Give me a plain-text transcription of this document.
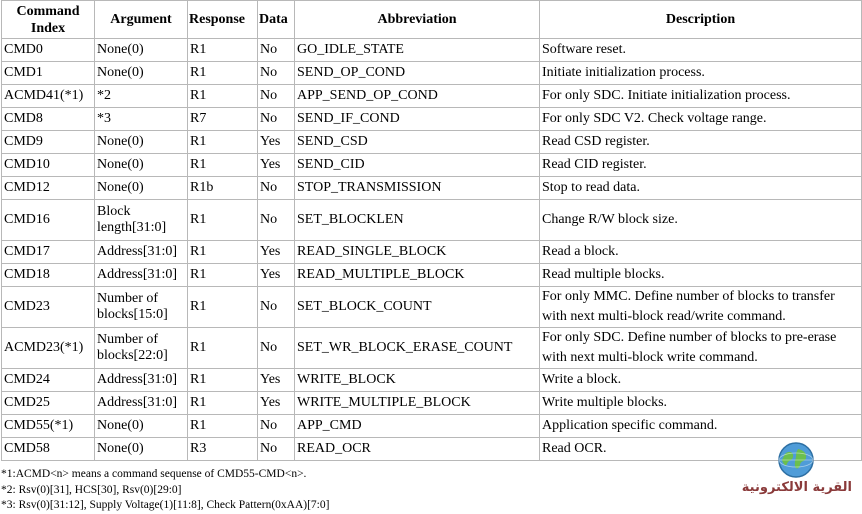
Command Index	Argument	Response	Data	Abbreviation	Description
CMD0	None(0)	R1	No	GO_IDLE_STATE	Software reset.
CMD1	None(0)	R1	No	SEND_OP_COND	Initiate initialization process.
ACMD41(*1)	*2	R1	No	APP_SEND_OP_COND	For only SDC. Initiate initialization process.
CMD8	*3	R7	No	SEND_IF_COND	For only SDC V2. Check voltage range.
CMD9	None(0)	R1	Yes	SEND_CSD	Read CSD register.
CMD10	None(0)	R1	Yes	SEND_CID	Read CID register.
CMD12	None(0)	R1b	No	STOP_TRANSMISSION	Stop to read data.
CMD16	Block length[31:0]	R1	No	SET_BLOCKLEN	Change R/W block size.
CMD17	Address[31:0]	R1	Yes	READ_SINGLE_BLOCK	Read a block.
CMD18	Address[31:0]	R1	Yes	READ_MULTIPLE_BLOCK	Read multiple blocks.
CMD23	Number of blocks[15:0]	R1	No	SET_BLOCK_COUNT	For only MMC. Define number of blocks to transfer with next multi-block read/write command.
ACMD23(*1)	Number of blocks[22:0]	R1	No	SET_WR_BLOCK_ERASE_COUNT	For only SDC. Define number of blocks to pre-erase with next multi-block write command.
CMD24	Address[31:0]	R1	Yes	WRITE_BLOCK	Write a block.
CMD25	Address[31:0]	R1	Yes	WRITE_MULTIPLE_BLOCK	Write multiple blocks.
CMD55(*1)	None(0)	R1	No	APP_CMD	Application specific command.
CMD58	None(0)	R3	No	READ_OCR	Read OCR.
*1:ACMD<n> means a command sequense of CMD55-CMD<n>.
*2: Rsv(0)[31], HCS[30], Rsv(0)[29:0]
*3: Rsv(0)[31:12], Supply Voltage(1)[11:8], Check Pattern(0xAA)[7:0]
القرية الالكترونية
